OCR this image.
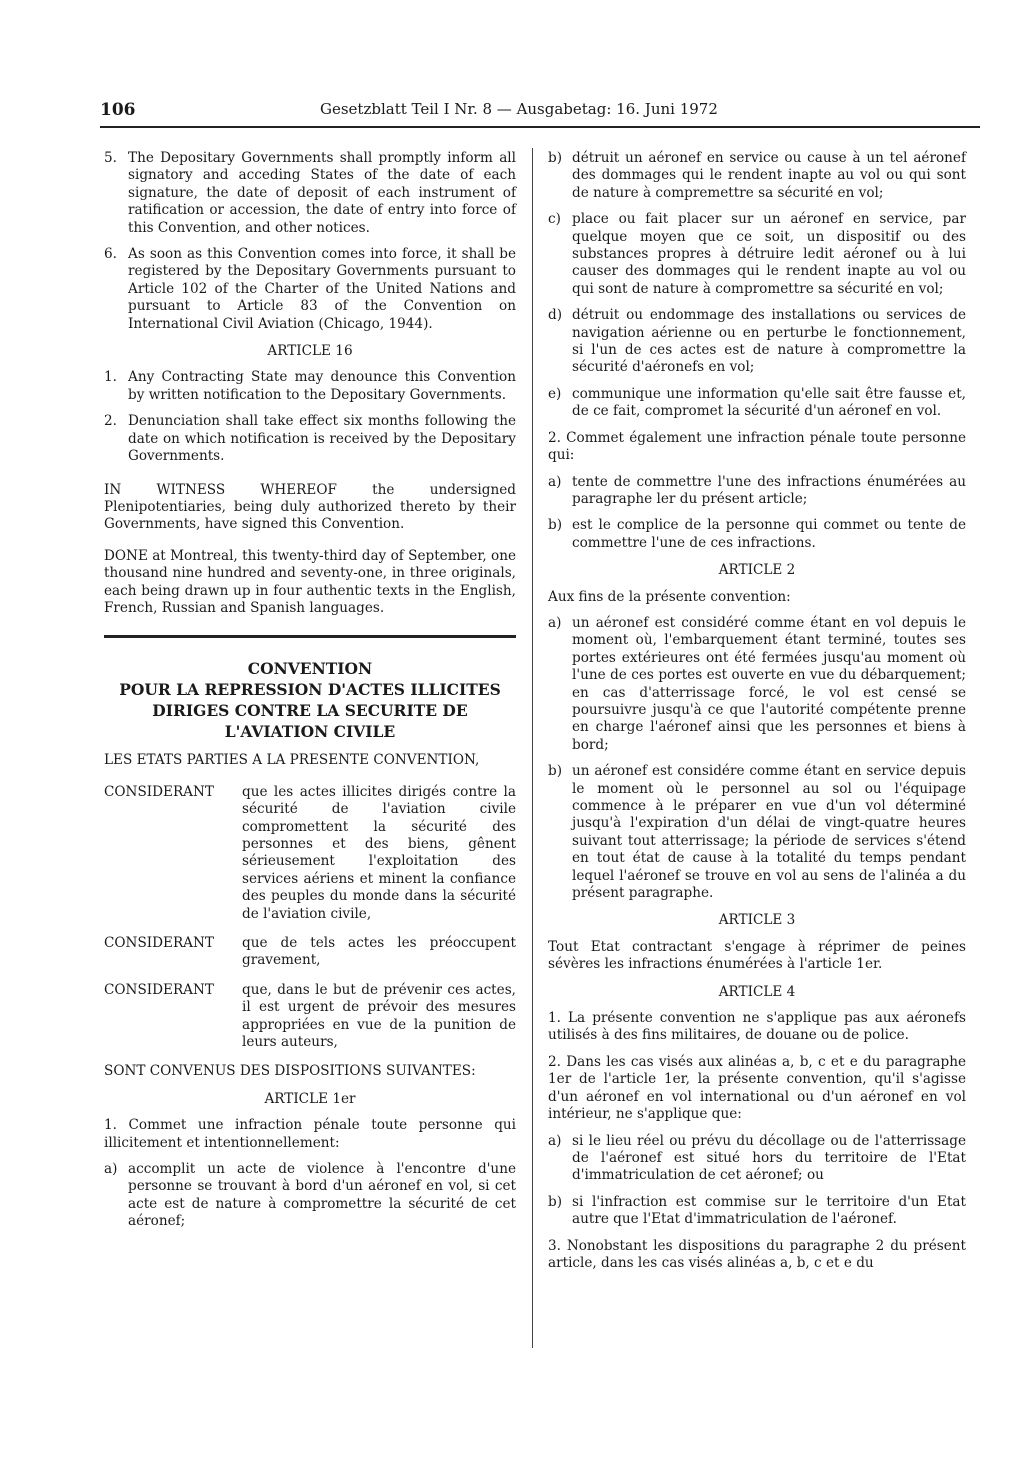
106	Gesetzblatt Teil I Nr. 8 — Ausgabetag: 16. Juni 1972
5. The Depositary Governments shall promptly inform all signatory and acceding States of the date of each signature, the date of deposit of each instrument of ratification or accession, the date of entry into force of this Convention, and other notices.
6. As soon as this Convention comes into force, it shall be registered by the Depositary Governments pursuant to Article 102 of the Charter of the United Nations and pursuant to Article 83 of the Convention on International Civil Aviation (Chicago, 1944).
ARTICLE 16
1. Any Contracting State may denounce this Convention by written notification to the Depositary Governments.
2. Denunciation shall take effect six months following the date on which notification is received by the Depositary Governments.

IN WITNESS WHEREOF the undersigned Plenipotentiaries, being duly authorized thereto by their Governments, have signed this Convention.

DONE at Montreal, this twenty-third day of September, one thousand nine hundred and seventy-one, in three originals, each being drawn up in four authentic texts in the English, French, Russian and Spanish languages.

CONVENTION
POUR LA REPRESSION D'ACTES ILLICITES
DIRIGES CONTRE LA SECURITE DE
L'AVIATION CIVILE

LES ETATS PARTIES A LA PRESENTE CONVENTION,

CONSIDERANT	que les actes illicites dirigés contre la sécurité de l'aviation civile compromettent la sécurité des personnes et des biens, gênent sérieusement l'exploitation des services aériens et minent la confiance des peuples du monde dans la sécurité de l'aviation civile,
CONSIDERANT	que de tels actes les préoccupent gravement,
CONSIDERANT	que, dans le but de prévenir ces actes, il est urgent de prévoir des mesures appropriées en vue de la punition de leurs auteurs,

SONT CONVENUS DES DISPOSITIONS SUIVANTES:

ARTICLE 1er

1. Commet une infraction pénale toute personne qui illicitement et intentionnellement:

a) accomplit un acte de violence à l'encontre d'une personne se trouvant à bord d'un aéronef en vol, si cet acte est de nature à compromettre la sécurité de cet aéronef;
b) détruit un aéronef en service ou cause à un tel aéronef des dommages qui le rendent inapte au vol ou qui sont de nature à compremettre sa sécurité en vol;
c) place ou fait placer sur un aéronef en service, par quelque moyen que ce soit, un dispositif ou des substances propres à détruire ledit aéronef ou à lui causer des dommages qui le rendent inapte au vol ou qui sont de nature à compromettre sa sécurité en vol;
d) détruit ou endommage des installations ou services de navigation aérienne ou en perturbe le fonctionnement, si l'un de ces actes est de nature à compromettre la sécurité d'aéronefs en vol;
e) communique une information qu'elle sait être fausse et, de ce fait, compromet la sécurité d'un aéronef en vol.

2. Commet également une infraction pénale toute personne qui:

a) tente de commettre l'une des infractions énumérées au paragraphe ler du présent article;
b) est le complice de la personne qui commet ou tente de commettre l'une de ces infractions.
ARTICLE 2

Aux fins de la présente convention:

a) un aéronef est considéré comme étant en vol depuis le moment où, l'embarquement étant terminé, toutes ses portes extérieures ont été fermées jusqu'au moment où l'une de ces portes est ouverte en vue du débarquement; en cas d'atterrissage forcé, le vol est censé se poursuivre jusqu'à ce que l'autorité compétente prenne en charge l'aéronef ainsi que les personnes et biens à bord;
b) un aéronef est considére comme étant en service depuis le moment où le personnel au sol ou l'équipage commence à le préparer en vue d'un vol déterminé jusqu'à l'expiration d'un délai de vingt-quatre heures suivant tout atterrissage; la période de services s'étend en tout état de cause à la totalité du temps pendant lequel l'aéronef se trouve en vol au sens de l'alinéa a du présent paragraphe.
ARTICLE 3

Tout Etat contractant s'engage à réprimer de peines sévères les infractions énumérées à l'article 1er.

ARTICLE 4

1. La présente convention ne s'applique pas aux aéronefs utilisés à des fins militaires, de douane ou de police.

2. Dans les cas visés aux alinéas a, b, c et e du paragraphe 1er de l'article 1er, la présente convention, qu'il s'agisse d'un aéronef en vol international ou d'un aéronef en vol intérieur, ne s'applique que:

a) si le lieu réel ou prévu du décollage ou de l'atterrissage de l'aéronef est situé hors du territoire de l'Etat d'immatriculation de cet aéronef; ou
b) si l'infraction est commise sur le territoire d'un Etat autre que l'Etat d'immatriculation de l'aéronef.

3. Nonobstant les dispositions du paragraphe 2 du présent article, dans les cas visés alinéas a, b, c et e du
